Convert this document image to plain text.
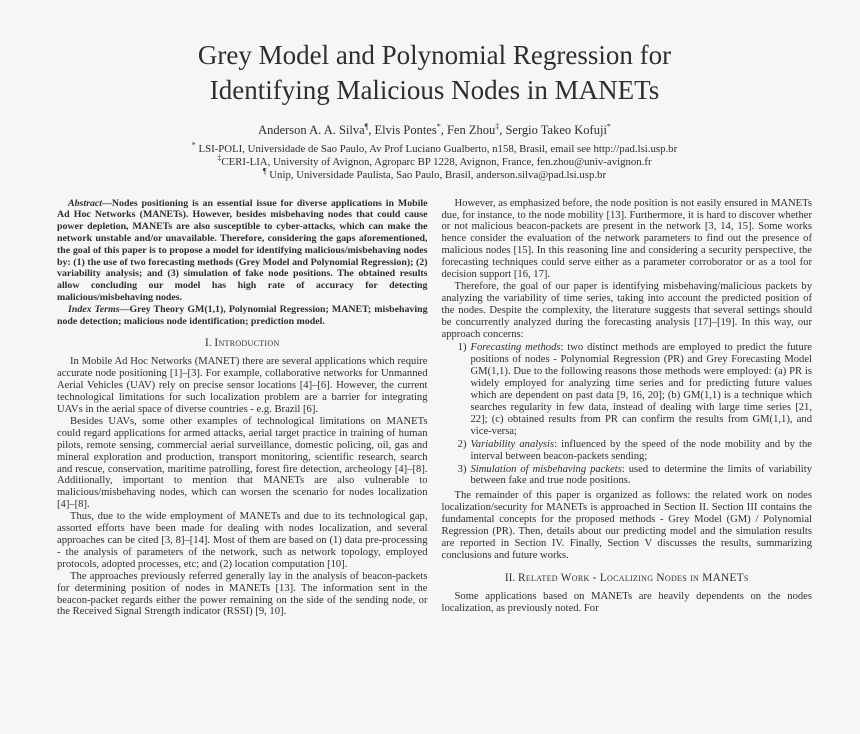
Grey Model and Polynomial Regression for
Identifying Malicious Nodes in MANETs
Anderson A. A. Silva¶, Elvis Pontes*, Fen Zhou‡, Sergio Takeo Kofuji*
* LSI-POLI, Universidade de Sao Paulo, Av Prof Luciano Gualberto, n158, Brasil, email see http://pad.lsi.usp.br
‡CERI-LIA, University of Avignon, Agroparc BP 1228, Avignon, France, fen.zhou@univ-avignon.fr
¶ Unip, Universidade Paulista, Sao Paulo, Brasil, anderson.silva@pad.lsi.usp.br

Abstract—Nodes positioning is an essential issue for diverse applications in Mobile Ad Hoc Networks (MANETs). However, besides misbehaving nodes that could cause power depletion, MANETs are also susceptible to cyber-attacks, which can make the network unstable and/or unavailable. Therefore, considering the gaps aforementioned, the goal of this paper is to propose a model for identifying malicious/misbehaving nodes by: (1) the use of two forecasting methods (Grey Model and Polynomial Regression); (2) variability analysis; and (3) simulation of fake node positions. The obtained results allow concluding our model has high rate of accuracy for detecting malicious/misbehaving nodes.

Index Terms—Grey Theory GM(1,1), Polynomial Regression; MANET; misbehaving node detection; malicious node identification; prediction model.

I. Introduction

In Mobile Ad Hoc Networks (MANET) there are several applications which require accurate node positioning [1]–[3]. For example, collaborative networks for Unmanned Aerial Vehicles (UAV) rely on precise sensor locations [4]–[6]. However, the current technological limitations for such localization problem are a barrier for integrating UAVs in the aerial space of diverse countries - e.g. Brazil [6].

Besides UAVs, some other examples of technological limitations on MANETs could regard applications for armed attacks, aerial target practice in training of human pilots, remote sensing, commercial aerial surveillance, domestic policing, oil, gas and mineral exploration and production, transport monitoring, scientific research, search and rescue, conservation, maritime patrolling, forest fire detection, archeology [4]–[8]. Additionally, important to mention that MANETs are also vulnerable to malicious/misbehaving nodes, which can worsen the scenario for nodes localization [4]–[8].

Thus, due to the wide employment of MANETs and due to its technological gap, assorted efforts have been made for dealing with nodes localization, and several approaches can be cited [3, 8]–[14]. Most of them are based on (1) data pre-processing - the analysis of parameters of the network, such as network topology, employed protocols, adopted processes, etc; and (2) location computation [10].

The approaches previously referred generally lay in the analysis of beacon-packets for determining position of nodes in MANETs [13]. The information sent in the beacon-packet regards either the power remaining on the side of the sending node, or the Received Signal Strength indicator (RSSI) [9, 10].

However, as emphasized before, the node position is not easily ensured in MANETs due, for instance, to the node mobility [13]. Furthermore, it is hard to discover whether or not malicious beacon-packets are present in the network [3, 14, 15]. Some works hence consider the evaluation of the network parameters to find out the presence of malicious nodes [15]. In this reasoning line and considering a security perspective, the forecasting techniques could serve either as a parameter corroborator or as a tool for decision support [16, 17].

Therefore, the goal of our paper is identifying misbehaving/malicious packets by analyzing the variability of time series, taking into account the predicted position of the nodes. Despite the complexity, the literature suggests that several settings should be concurrently analyzed during the forecasting analysis [17]–[19]. In this way, our approach concerns:

1) Forecasting methods: two distinct methods are employed to predict the future positions of nodes - Polynomial Regression (PR) and Grey Forecasting Model GM(1,1). Due to the following reasons those methods were employed: (a) PR is widely employed for analyzing time series and for predicting future values which are dependent on past data [9, 16, 20]; (b) GM(1,1) is a technique which searches regularity in few data, instead of dealing with large time series [21, 22]; (c) obtained results from PR can confirm the results from GM(1,1), and vice-versa;
2) Variability analysis: influenced by the speed of the node mobility and by the interval between beacon-packets sending;
3) Simulation of misbehaving packets: used to determine the limits of variability between fake and true node positions.

The remainder of this paper is organized as follows: the related work on nodes localization/security for MANETs is approached in Section II. Section III contains the fundamental concepts for the proposed methods - Grey Model (GM) / Polynomial Regression (PR). Then, details about our predicting model and the simulation results are reported in Section IV. Finally, Section V discusses the results, summarizing conclusions and future works.

II. Related Work - Localizing Nodes in MANETs

Some applications based on MANETs are heavily dependents on the nodes localization, as previously noted. For
